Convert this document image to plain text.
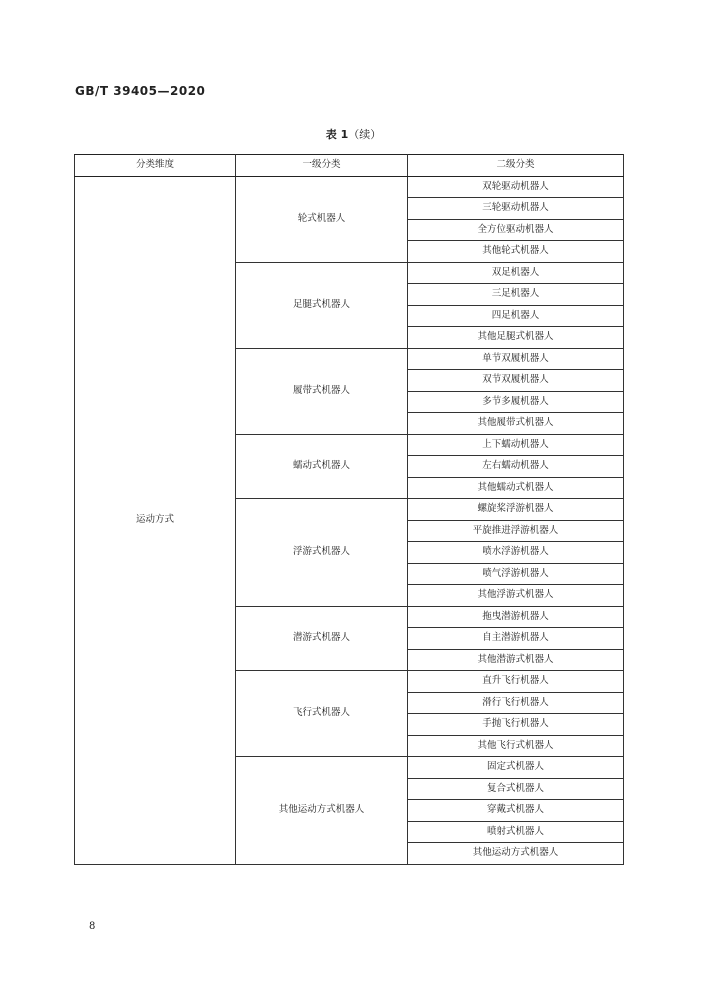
GB/T 39405—2020
表 1（续）
分类维度	一级分类	二级分类
运动方式	轮式机器人	双轮驱动机器人
		三轮驱动机器人
		全方位驱动机器人
		其他轮式机器人
	足腿式机器人	双足机器人
		三足机器人
		四足机器人
		其他足腿式机器人
	履带式机器人	单节双履机器人
		双节双履机器人
		多节多履机器人
		其他履带式机器人
	蠕动式机器人	上下蠕动机器人
		左右蠕动机器人
		其他蠕动式机器人
	浮游式机器人	螺旋桨浮游机器人
		平旋推进浮游机器人
		喷水浮游机器人
		喷气浮游机器人
		其他浮游式机器人
	潜游式机器人	拖曳潜游机器人
		自主潜游机器人
		其他潜游式机器人
	飞行式机器人	直升飞行机器人
		滑行飞行机器人
		手抛飞行机器人
		其他飞行式机器人
	其他运动方式机器人	固定式机器人
		复合式机器人
		穿戴式机器人
		喷射式机器人
		其他运动方式机器人
8
